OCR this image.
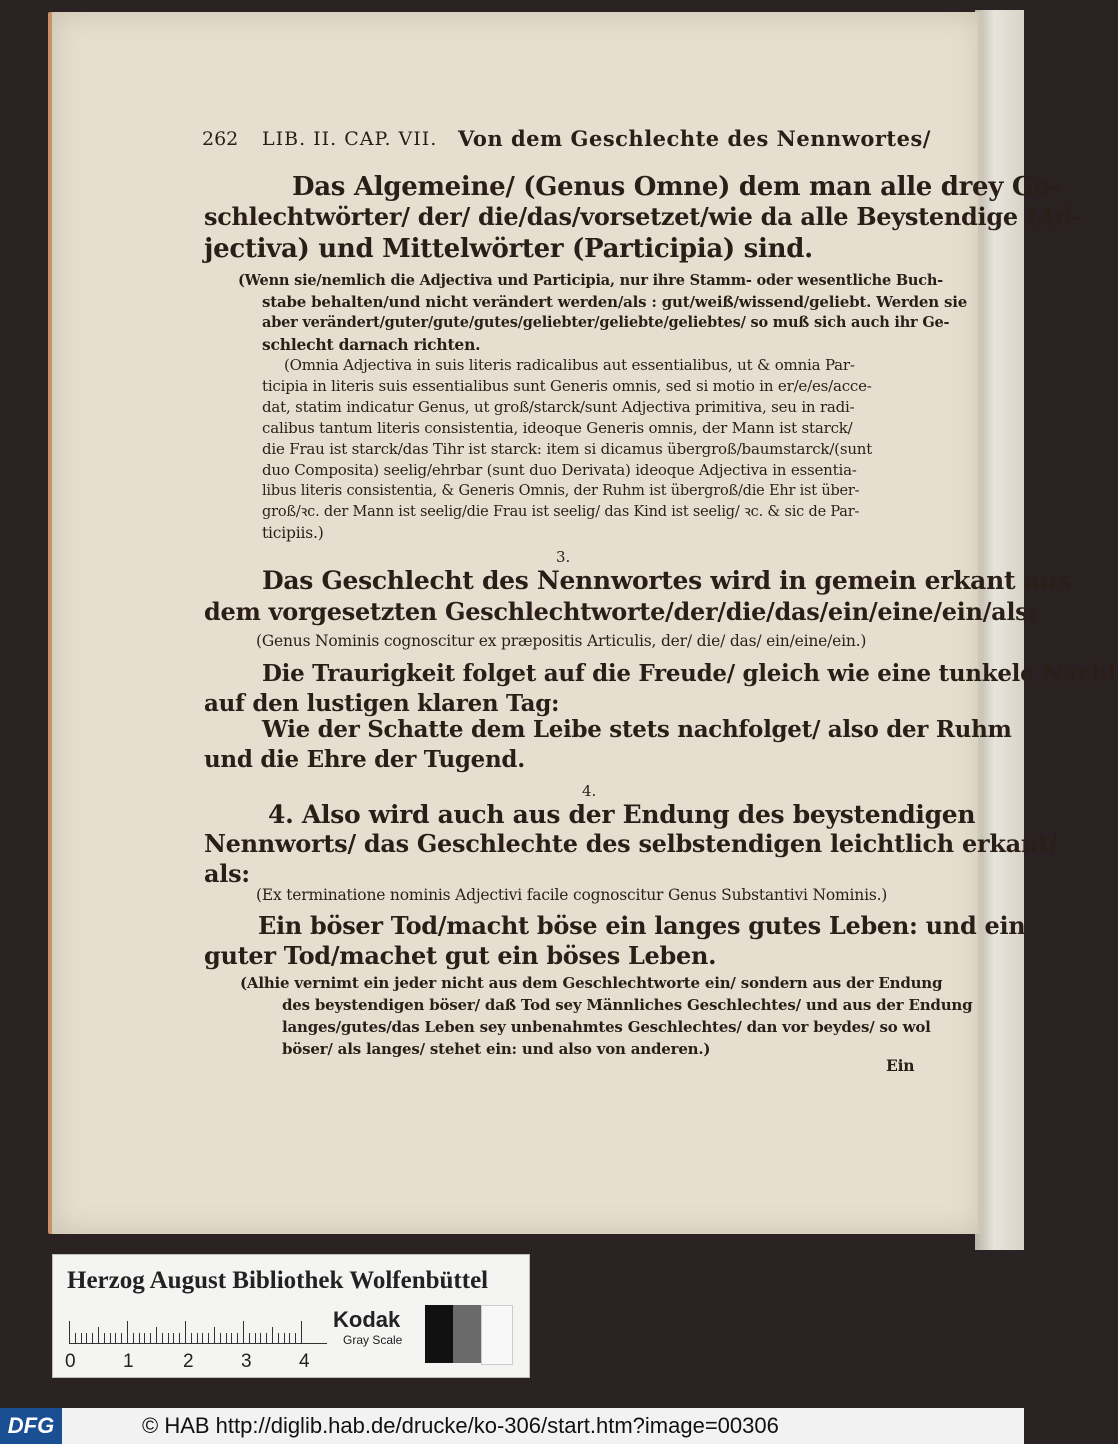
262 LIB. II. CAP. VII. Von dem Geschlechte des Nennwortes/
Das Algemeine/ (Genus Omne) dem man alle drey Ge-
schlechtwörter/ der/ die/das/vorsetzet/wie da alle Beystendige (Ad-
jectiva) und Mittelwörter (Participia) sind.
(Wenn sie/nemlich die Adjectiva und Participia, nur ihre Stamm- oder wesentliche Buch-
stabe behalten/und nicht verändert werden/als : gut/weiß/wissend/geliebt. Werden sie
aber verändert/guter/gute/gutes/geliebter/geliebte/geliebtes/ so muß sich auch ihr Ge-
schlecht darnach richten.
(Omnia Adjectiva in suis literis radicalibus aut essentialibus, ut & omnia Par-
ticipia in literis suis essentialibus sunt Generis omnis, sed si motio in er/e/es/acce-
dat, statim indicatur Genus, ut groß/starck/sunt Adjectiva primitiva, seu in radi-
calibus tantum literis consistentia, ideoque Generis omnis, der Mann ist starck/
die Frau ist starck/das Tihr ist starck: item si dicamus übergroß/baumstarck/(sunt
duo Composita) seelig/ehrbar (sunt duo Derivata) ideoque Adjectiva in essentia-
libus literis consistentia, & Generis Omnis, der Ruhm ist übergroß/die Ehr ist über-
groß/ꝛc. der Mann ist seelig/die Frau ist seelig/ das Kind ist seelig/ ꝛc. & sic de Par-
ticipiis.)
3.
Das Geschlecht des Nennwortes wird in gemein erkant aus
dem vorgesetzten Geschlechtworte/der/die/das/ein/eine/ein/als:
(Genus Nominis cognoscitur ex præpositis Articulis, der/ die/ das/ ein/eine/ein.)
Die Traurigkeit folget auf die Freude/ gleich wie eine tunkele Nacht
auf den lustigen klaren Tag:
Wie der Schatte dem Leibe stets nachfolget/ also der Ruhm
und die Ehre der Tugend.
4.
4. Also wird auch aus der Endung des beystendigen
Nennworts/ das Geschlechte des selbstendigen leichtlich erkant/
als:
(Ex terminatione nominis Adjectivi facile cognoscitur Genus Substantivi Nominis.)
Ein böser Tod/macht böse ein langes gutes Leben: und ein
guter Tod/machet gut ein böses Leben.
(Alhie vernimt ein jeder nicht aus dem Geschlechtworte ein/ sondern aus der Endung
des beystendigen böser/ daß Tod sey Männliches Geschlechtes/ und aus der Endung
langes/gutes/das Leben sey unbenahmtes Geschlechtes/ dan vor beydes/ so wol
böser/ als langes/ stehet ein: und also von anderen.)
Ein
Herzog August Bibliothek Wolfenbüttel
0 1	2 3 4
Kodak
Gray Scale
DFG	© HAB http://diglib.hab.de/drucke/ko-306/start.htm?image=00306
